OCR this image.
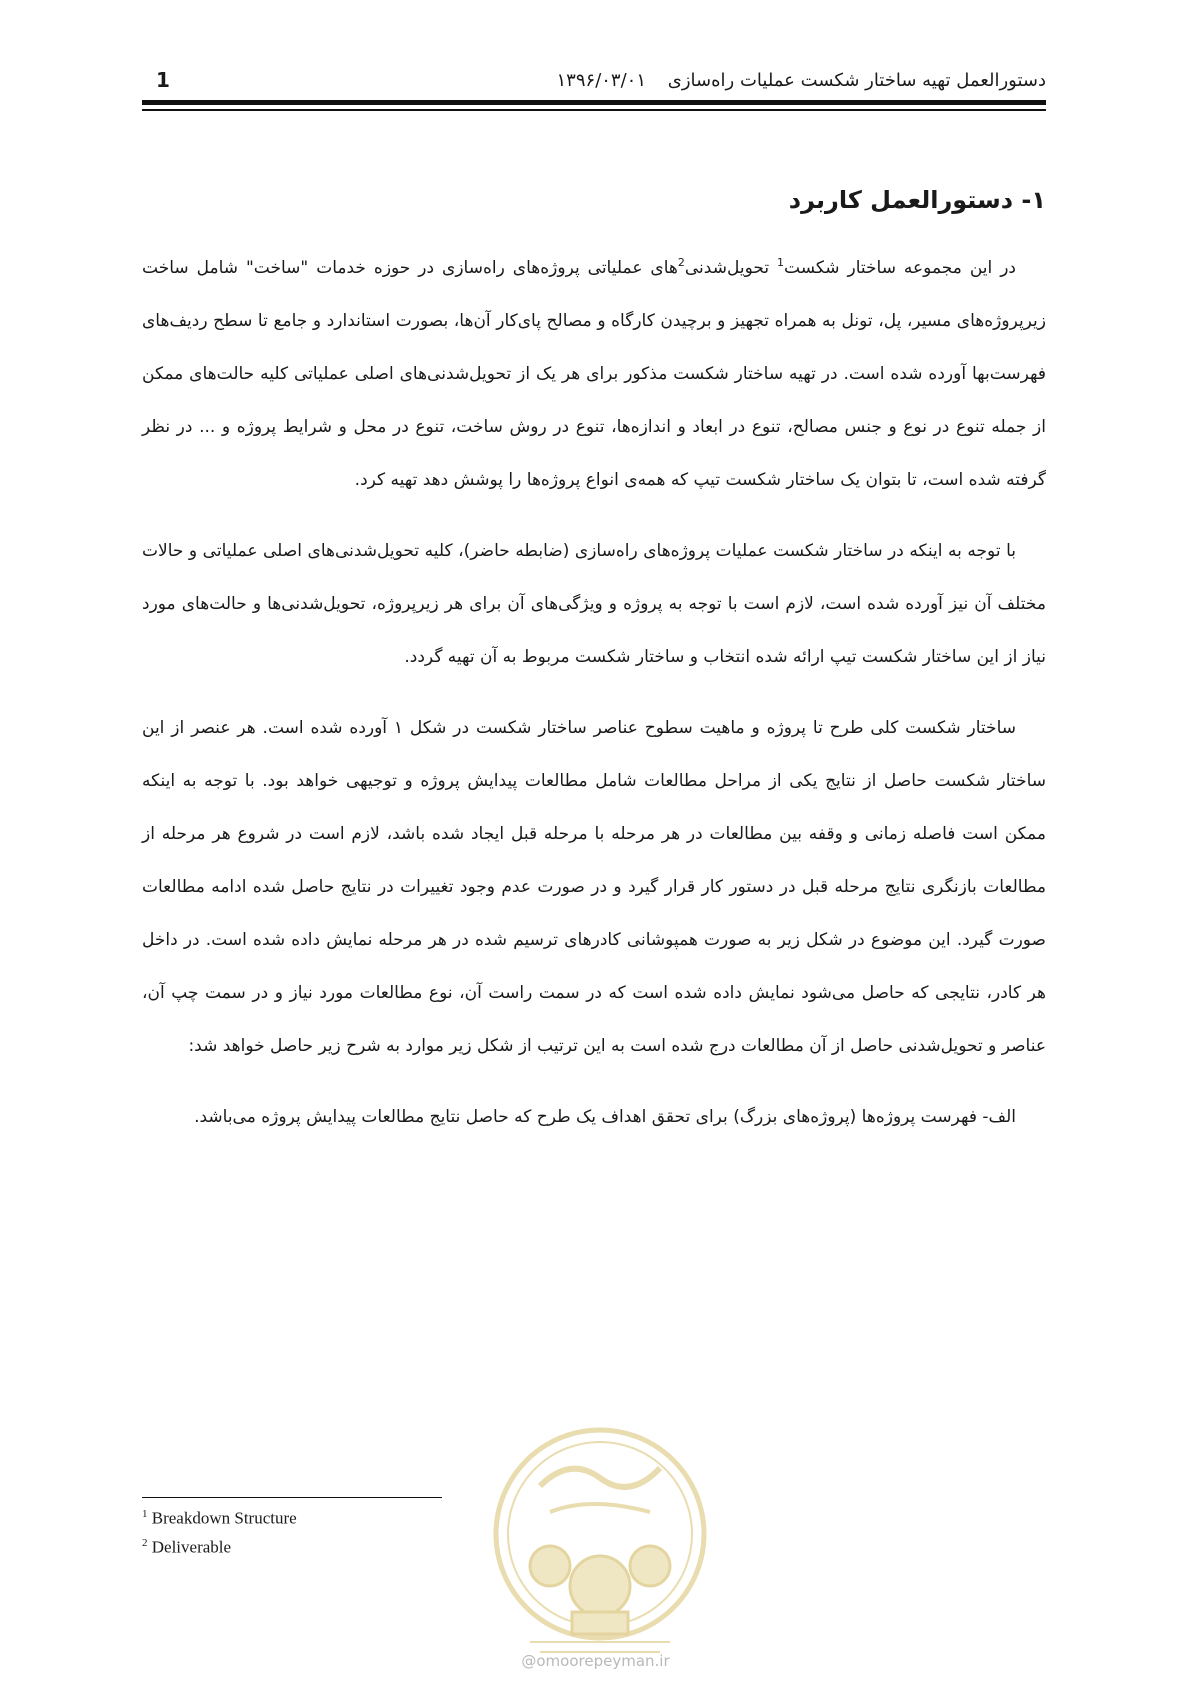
دستورالعمل تهیه ساختار شکست عملیات راه‌سازی
۱۳۹۶/۰۳/۰۱
1
۱- دستورالعمل کاربرد

در این مجموعه ساختار شکست$^1$ تحویل‌شدنی$^2$های عملیاتی پروژه‌های راه‌سازی در حوزه خدمات "ساخت" شامل ساخت زیرپروژه‌های مسیر، پل، تونل به همراه تجهیز و برچیدن کارگاه و مصالح پای‌کار آن‌ها، بصورت استاندارد و جامع تا سطح ردیف‌های فهرست‌بها آورده شده است. در تهیه ساختار شکست مذکور برای هر یک از تحویل‌شدنی‌های اصلی عملیاتی کلیه حالت‌های ممکن از جمله تنوع در نوع و جنس مصالح، تنوع در ابعاد و اندازه‌ها، تنوع در روش ساخت، تنوع در محل و شرایط پروژه و ... در نظر گرفته شده است، تا بتوان یک ساختار شکست تیپ که همه‌ی انواع پروژه‌ها را پوشش دهد تهیه کرد.

با توجه به اینکه در ساختار شکست عملیات پروژه‌های راه‌سازی (ضابطه حاضر)، کلیه تحویل‌شدنی‌های اصلی عملیاتی و حالات مختلف آن نیز آورده شده است، لازم است با توجه به پروژه و ویژگی‌های آن برای هر زیرپروژه، تحویل‌شدنی‌ها و حالت‌های مورد نیاز از این ساختار شکست تیپ ارائه شده انتخاب و ساختار شکست مربوط به آن تهیه گردد.

ساختار شکست کلی طرح تا پروژه و ماهیت سطوح عناصر ساختار شکست در شکل ۱ آورده شده است. هر عنصر از این ساختار شکست حاصل از نتایج یکی از مراحل مطالعات شامل مطالعات پیدایش پروژه و توجیهی خواهد بود. با توجه به اینکه ممکن است فاصله زمانی و وقفه بین مطالعات در هر مرحله با مرحله قبل ایجاد شده باشد، لازم است در شروع هر مرحله از مطالعات بازنگری نتایج مرحله قبل در دستور کار قرار گیرد و در صورت عدم وجود تغییرات در نتایج حاصل شده ادامه مطالعات صورت گیرد. این موضوع در شکل زیر به صورت همپوشانی کادرهای ترسیم شده در هر مرحله نمایش داده شده است. در داخل هر کادر، نتایجی که حاصل می‌شود نمایش داده شده است که در سمت راست آن، نوع مطالعات مورد نیاز و در سمت چپ آن، عناصر و تحویل‌شدنی حاصل از آن مطالعات درج شده است به این ترتیب از شکل زیر موارد به شرح زیر حاصل خواهد شد:

الف- فهرست پروژه‌ها (پروژه‌های بزرگ) برای تحقق اهداف یک طرح که حاصل نتایج مطالعات پیدایش پروژه می‌باشد.

$^1$ Breakdown Structure
$^2$ Deliverable
@omoorepeyman.ir
